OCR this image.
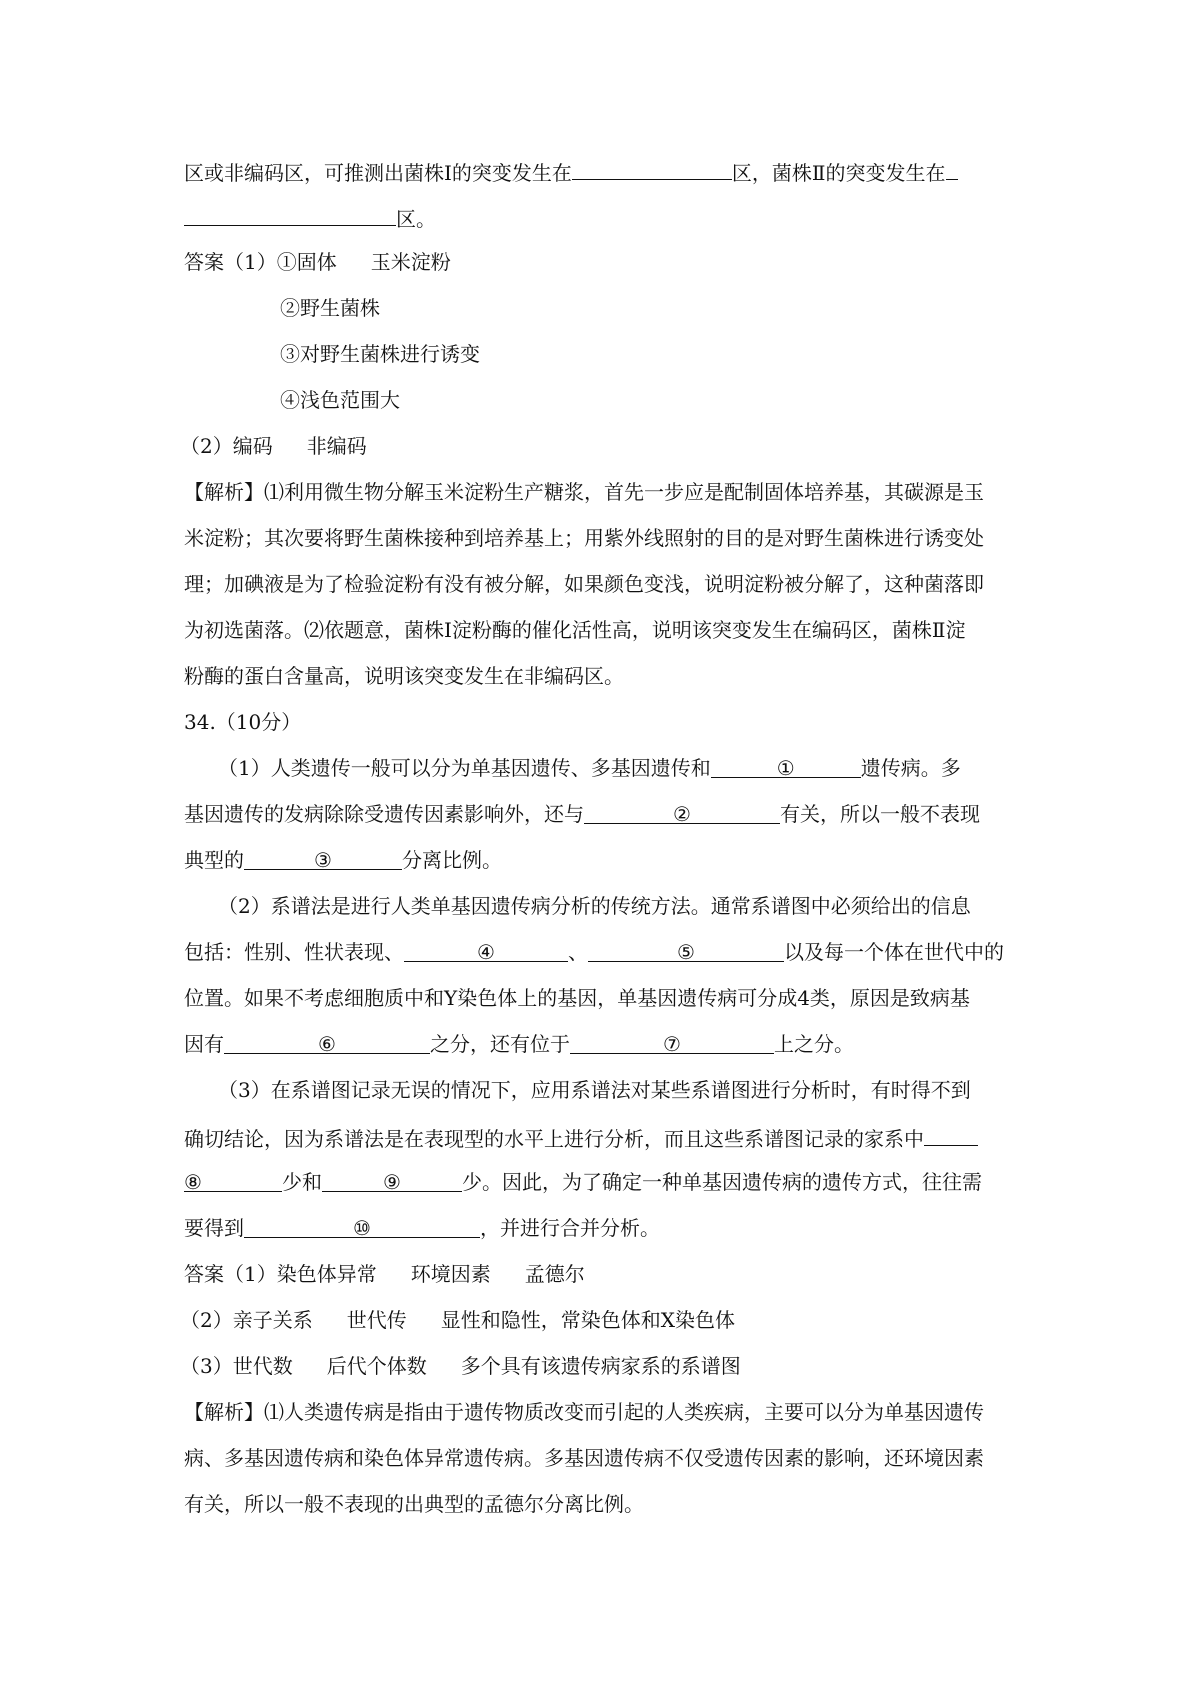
区或非编码区，可推测出菌株Ⅰ的突变发生在	区，菌株Ⅱ的突变发生在
区。
答案（1）①固体 玉米淀粉
②野生菌株
③对野生菌株进行诱变
④浅色范围大
（2）编码 非编码
【解析】⑴利用微生物分解玉米淀粉生产糖浆，首先一步应是配制固体培养基，其碳源是玉
米淀粉；其次要将野生菌株接种到培养基上；用紫外线照射的目的是对野生菌株进行诱变处
理；加碘液是为了检验淀粉有没有被分解，如果颜色变浅，说明淀粉被分解了，这种菌落即
为初选菌落。⑵依题意，菌株Ⅰ淀粉酶的催化活性高，说明该突变发生在编码区，菌株Ⅱ淀
粉酶的蛋白含量高，说明该突变发生在非编码区。
34.（10分）
（1）人类遗传一般可以分为单基因遗传、多基因遗传和	①	遗传病。多
基因遗传的发病除除受遗传因素影响外，还与	②	有关，所以一般不表现
典型的	③	分离比例。
（2）系谱法是进行人类单基因遗传病分析的传统方法。通常系谱图中必须给出的信息
包括：性别、性状表现、	④	、	⑤	以及每一个体在世代中的
位置。如果不考虑细胞质中和Y染色体上的基因，单基因遗传病可分成4类，原因是致病基
因有	⑥	之分，还有位于	⑦	上之分。
（3）在系谱图记录无误的情况下，应用系谱法对某些系谱图进行分析时，有时得不到
确切结论，因为系谱法是在表现型的水平上进行分析，而且这些系谱图记录的家系中
⑧	少和	⑨	少。因此，为了确定一种单基因遗传病的遗传方式，往往需
要得到	⑩	，并进行合并分析。
答案（1）染色体异常 环境因素 孟德尔
（2）亲子关系 世代传 显性和隐性，常染色体和X染色体
（3）世代数 后代个体数 多个具有该遗传病家系的系谱图
【解析】⑴人类遗传病是指由于遗传物质改变而引起的人类疾病，主要可以分为单基因遗传
病、多基因遗传病和染色体异常遗传病。多基因遗传病不仅受遗传因素的影响，还环境因素
有关，所以一般不表现的出典型的孟德尔分离比例。
